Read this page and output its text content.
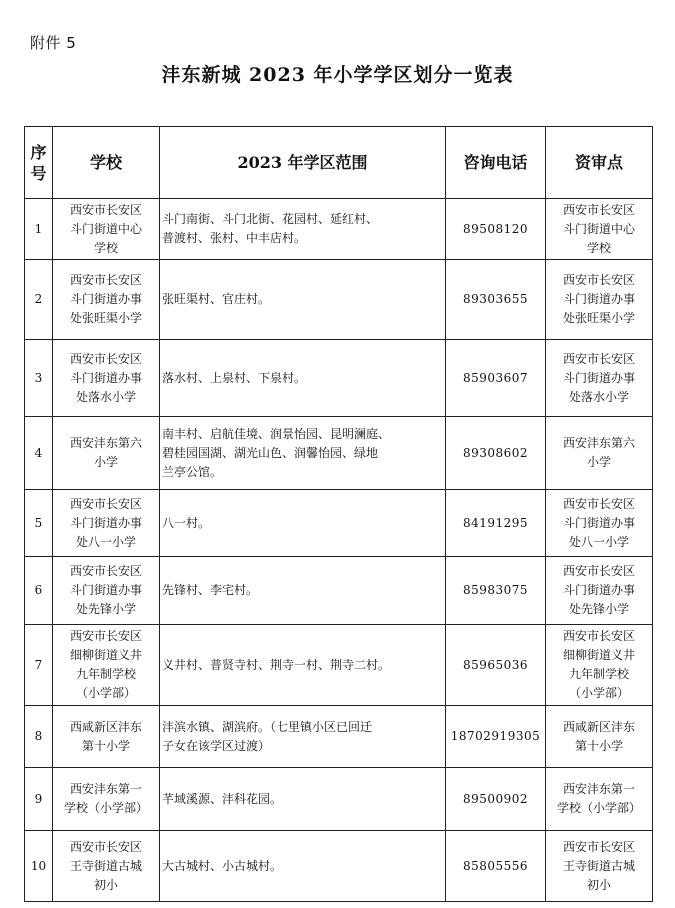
附件 5
沣东新城 2023 年小学学区划分一览表
序
号	学校	2023 年学区范围	咨询电话	资审点
1	西安市长安区
斗门街道中心
学校	斗门南街、斗门北街、花园村、延红村、
普渡村、张村、中丰店村。	89508120	西安市长安区
斗门街道中心
学校
2	西安市长安区
斗门街道办事
处张旺渠小学	张旺渠村、官庄村。	89303655	西安市长安区
斗门街道办事
处张旺渠小学
3	西安市长安区
斗门街道办事
处落水小学	落水村、上泉村、下泉村。	85903607	西安市长安区
斗门街道办事
处落水小学
4	西安沣东第六
小学	南丰村、启航佳境、润景怡园、昆明澜庭、
碧桂园国湖、湖光山色、润馨怡园、绿地
兰亭公馆。	89308602	西安沣东第六
小学
5	西安市长安区
斗门街道办事
处八一小学	八一村。	84191295	西安市长安区
斗门街道办事
处八一小学
6	西安市长安区
斗门街道办事
处先锋小学	先锋村、李宅村。	85983075	西安市长安区
斗门街道办事
处先锋小学
7	西安市长安区
细柳街道义井
九年制学校
（小学部）	义井村、普贤寺村、荆寺一村、荆寺二村。	85965036	西安市长安区
细柳街道义井
九年制学校
（小学部）
8	西咸新区沣东
第十小学	沣滨水镇、湖滨府。（七里镇小区已回迁
子女在该学区过渡）	18702919305	西咸新区沣东
第十小学
9	西安沣东第一
学校（小学部）	芊域溪源、沣科花园。	89500902	西安沣东第一
学校（小学部）
10	西安市长安区
王寺街道古城
初小	大古城村、小古城村。	85805556	西安市长安区
王寺街道古城
初小
